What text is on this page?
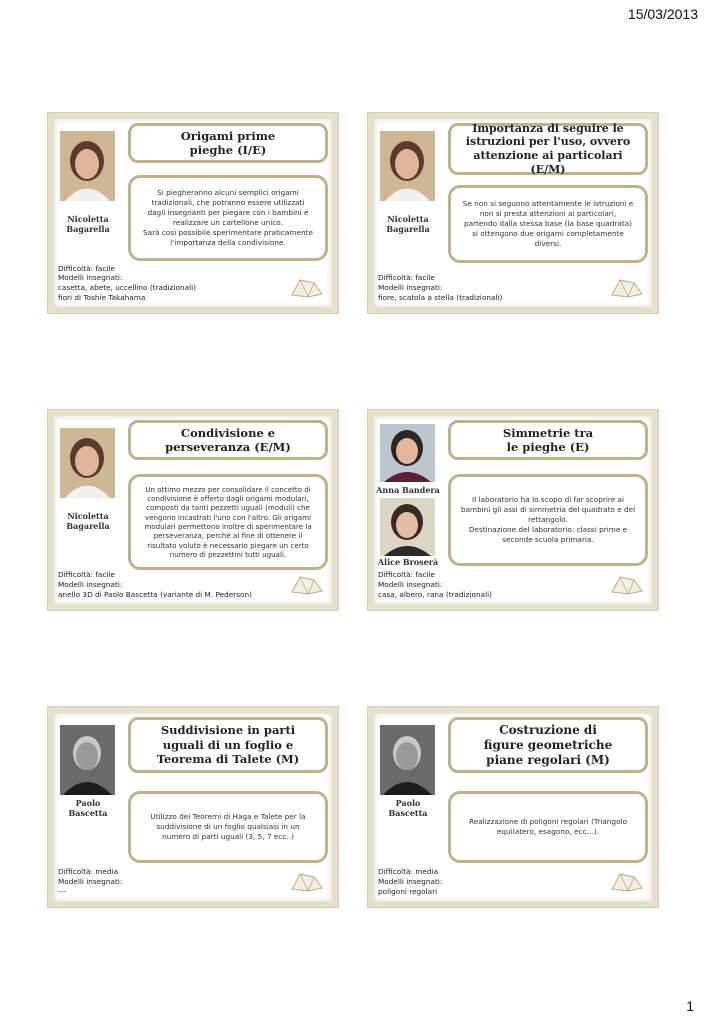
15/03/2013
Nicoletta
Bagarella
Origami prime
pieghe (I/E)
Si piegheranno alcuni semplici origami
tradizionali, che potranno essere utilizzati
dagli insegnanti per piegare con i bambini e
realizzare un cartellone unico.
Sarà così possibile sperimentare praticamente
l'importanza della condivisione.
Difficoltà: facile
Modelli insegnati:
casetta, abete, uccellino (tradizionali)
fiori di Toshie Takahama
Nicoletta
Bagarella
Importanza di seguire le
istruzioni per l'uso, ovvero
attenzione ai particolari (E/M)
Se non si seguono attentamente le istruzioni e
non si presta attenzioni ai particolari,
partendo dalla stessa base (la base quadrata)
si ottengono due origami completamente
diversi.
Difficoltà: facile
Modelli insegnati:
fiore, scatola a stella (tradizionali)
Nicoletta
Bagarella
Condivisione e
perseveranza (E/M)
Un ottimo mezzo per consolidare il concetto di
condivisione è offerto dagli origami modulari,
composti da tanti pezzetti uguali (moduli) che
vengono incastrati l'uno con l'altro. Gli origami
modulari permettono inoltre di sperimentare la
perseveranza, perché al fine di ottenere il
risultato voluto è necessario piegare un certo
numero di pezzettini tutti uguali.
Difficoltà: facile
Modelli insegnati:
anello 3D di Paolo Bascetta (variante di M. Pederson)
Anna Bandera
Alice Broserà
Simmetrie tra
le pieghe (E)
Il laboratorio ha lo scopo di far scoprire ai
bambini gli assi di simmetria del quadrato e del
rettangolo.
Destinazione del laboratorio: classi prime e
seconde scuola primaria.
Difficoltà: facile
Modelli insegnati:
casa, albero, rana (tradizionali)
Paolo
Bascetta
Suddivisione in parti
uguali di un foglio e
Teorema di Talete (M)
Utilizzo dei Teoremi di Haga e Talete per la
suddivisione di un foglio qualsiasi in un
numero di parti uguali (3, 5, 7 ecc..)
Difficoltà: media
Modelli insegnati:
---
Paolo
Bascetta
Costruzione di
figure geometriche
piane regolari (M)
Realizzazione di poligoni regolari (Triangolo
equilatero, esagono, ecc…).
Difficoltà: media
Modelli insegnati:
poligoni regolari
1
